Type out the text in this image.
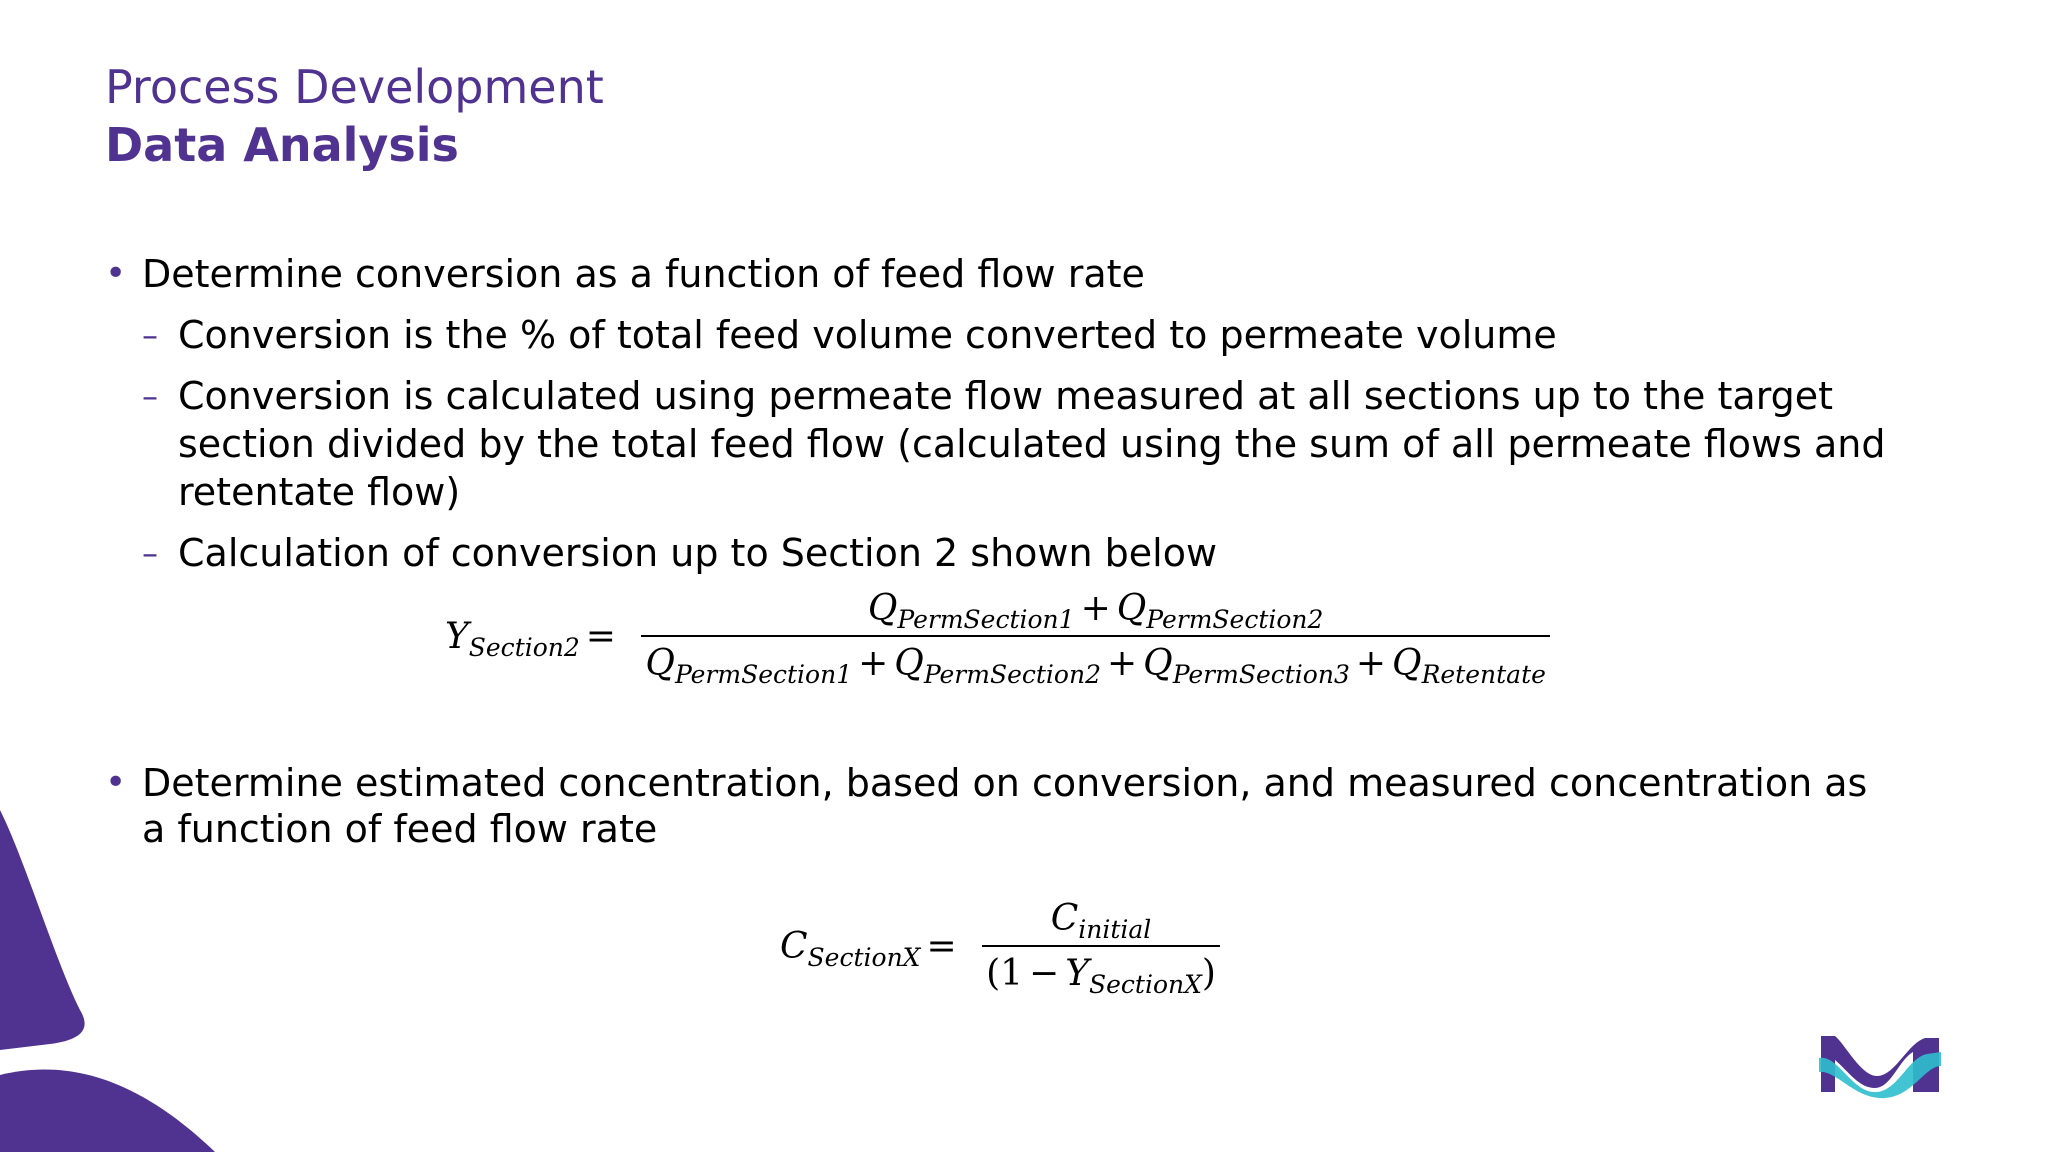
Process Development
Data Analysis
• Determine conversion as a function of feed flow rate
– Conversion is the % of total feed volume converted to permeate volume
– Conversion is calculated using permeate flow measured at all sections up to the target section divided by the total feed flow (calculated using the sum of all permeate flows and retentate flow)
– Calculation of conversion up to Section 2 shown below
$Y_{Section2} = \frac{Q_{PermSection1} + Q_{PermSection2}}{Q_{PermSection1} + Q_{PermSection2} + Q_{PermSection3} + Q_{Retentate}}$
• Determine estimated concentration, based on conversion, and measured concentration as a function of feed flow rate
$C_{SectionX} = \frac{C_{initial}}{(1 - Y_{SectionX})}$
